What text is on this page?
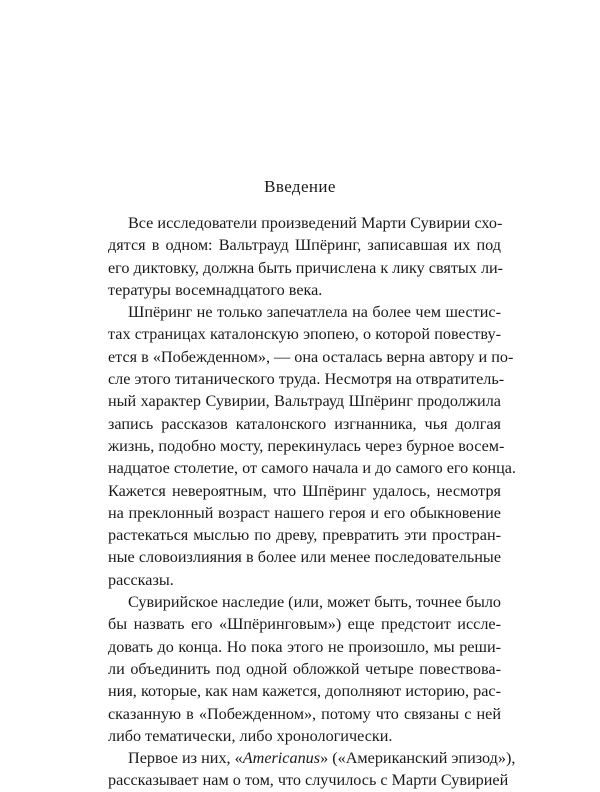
Введение
Все исследователи произведений Марти Сувирии схо-
дятся в одном: Вальтрауд Шпёринг, записавшая их под
его диктовку, должна быть причислена к лику святых ли-
тературы восемнадцатого века.
Шпёринг не только запечатлела на более чем шестис-
тах страницах каталонскую эпопею, о которой повеству-
ется в «Побежденном», — она осталась верна автору и по-
сле этого титанического труда. Несмотря на отвратитель-
ный характер Сувирии, Вальтрауд Шпёринг продолжила
запись рассказов каталонского изгнанника, чья долгая
жизнь, подобно мосту, перекинулась через бурное восем-
надцатое столетие, от самого начала и до самого его конца.
Кажется невероятным, что Шпёринг удалось, несмотря
на преклонный возраст нашего героя и его обыкновение
растекаться мыслью по древу, превратить эти простран-
ные словоизлияния в более или менее последовательные
рассказы.
Сувирийское наследие (или, может быть, точнее было
бы назвать его «Шпёринговым») еще предстоит иссле-
довать до конца. Но пока этого не произошло, мы реши-
ли объединить под одной обложкой четыре повествова-
ния, которые, как нам кажется, дополняют историю, рас-
сказанную в «Побежденном», потому что связаны с ней
либо тематически, либо хронологически.
Первое из них, «Americanus» («Американский эпизод»),
рассказывает нам о том, что случилось с Марти Сувирией
